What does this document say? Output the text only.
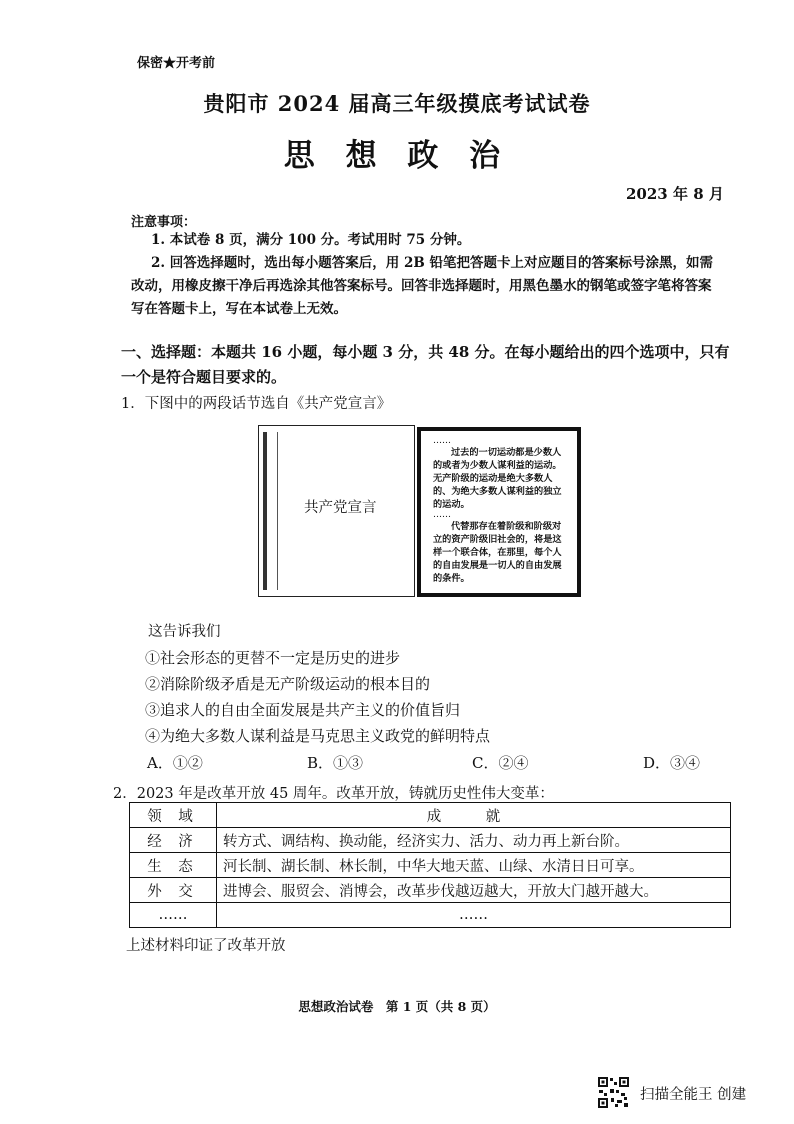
保密★开考前
贵阳市 2024 届高三年级摸底考试试卷
思 想 政 治
2023 年 8 月
注意事项：
1. 本试卷 8 页，满分 100 分。考试用时 75 分钟。
2. 回答选择题时，选出每小题答案后，用 2B 铅笔把答题卡上对应题目的答案标号涂黑，如需改动，用橡皮擦干净后再选涂其他答案标号。回答非选择题时，用黑色墨水的钢笔或签字笔将答案写在答题卡上，写在本试卷上无效。
一、选择题：本题共 16 小题，每小题 3 分，共 48 分。在每小题给出的四个选项中，只有一个是符合题目要求的。
1．下图中的两段话节选自《共产党宣言》
共产党宣言
……
过去的一切运动都是少数人的或者为少数人谋利益的运动。无产阶级的运动是绝大多数人的、为绝大多数人谋利益的独立的运动。
……
代替那存在着阶级和阶级对立的资产阶级旧社会的，将是这样一个联合体，在那里，每个人的自由发展是一切人的自由发展的条件。
这告诉我们
①社会形态的更替不一定是历史的进步
②消除阶级矛盾是无产阶级运动的根本目的
③追求人的自由全面发展是共产主义的价值旨归
④为绝大多数人谋利益是马克思主义政党的鲜明特点
A．①②	B．①③	C．②④	D．③④
2．2023 年是改革开放 45 周年。改革开放，铸就历史性伟大变革：
领 域	成 就
经 济	转方式、调结构、换动能，经济实力、活力、动力再上新台阶。
生 态	河长制、湖长制、林长制，中华大地天蓝、山绿、水清日日可享。
外 交	进博会、服贸会、消博会，改革步伐越迈越大，开放大门越开越大。
……	……
上述材料印证了改革开放
思想政治试卷　第 1 页（共 8 页）
扫描全能王 创建
